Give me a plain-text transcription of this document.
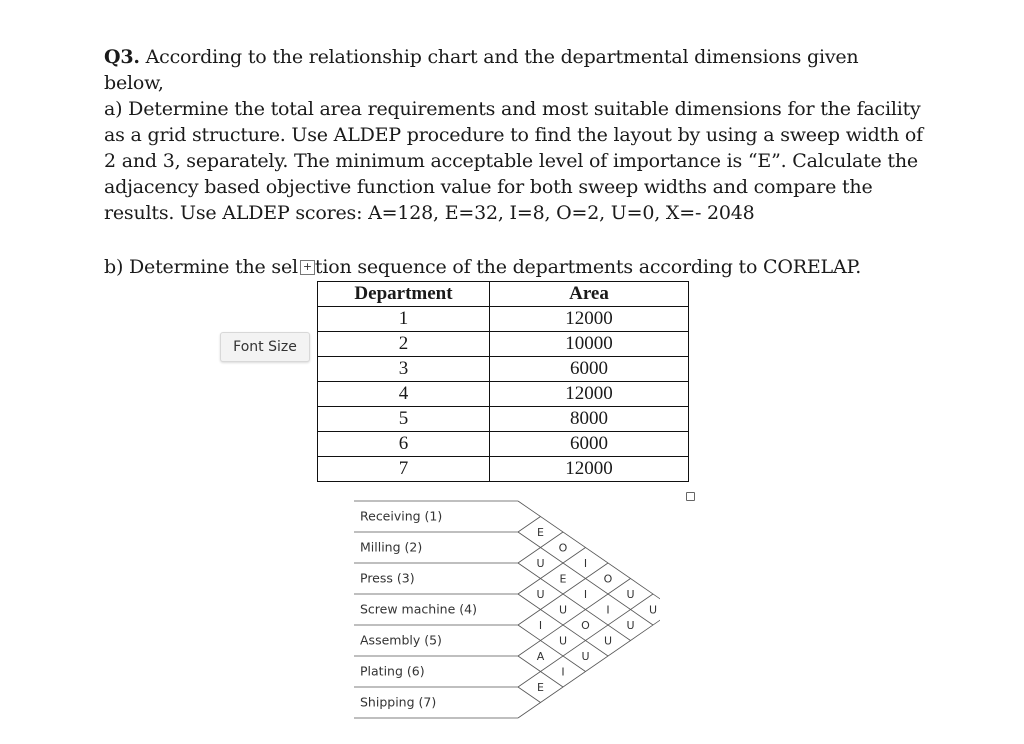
Q3. According to the relationship chart and the departmental dimensions given below,

a) Determine the total area requirements and most suitable dimensions for the facility as a grid structure. Use ALDEP procedure to find the layout by using a sweep width of 2 and 3, separately. The minimum acceptable level of importance is “E”. Calculate the adjacency based objective function value for both sweep widths and compare the results. Use ALDEP scores: A=128, E=32, I=8, O=2, U=0, X=- 2048

b) Determine the sel tion sequence of the departments according to CORELAP.

+
Font Size
Department	Area
1	12000
2	10000
3	6000
4	12000
5	8000
6	6000
7	12000
Receiving (1)
Milling (2)
Press (3)
Screw machine (4)
Assembly (5)
Plating (6)
Shipping (7)
E
U
U
I
A
E
O
E
U
U
I
I
I
O
U
O
I
U
U
U
U
